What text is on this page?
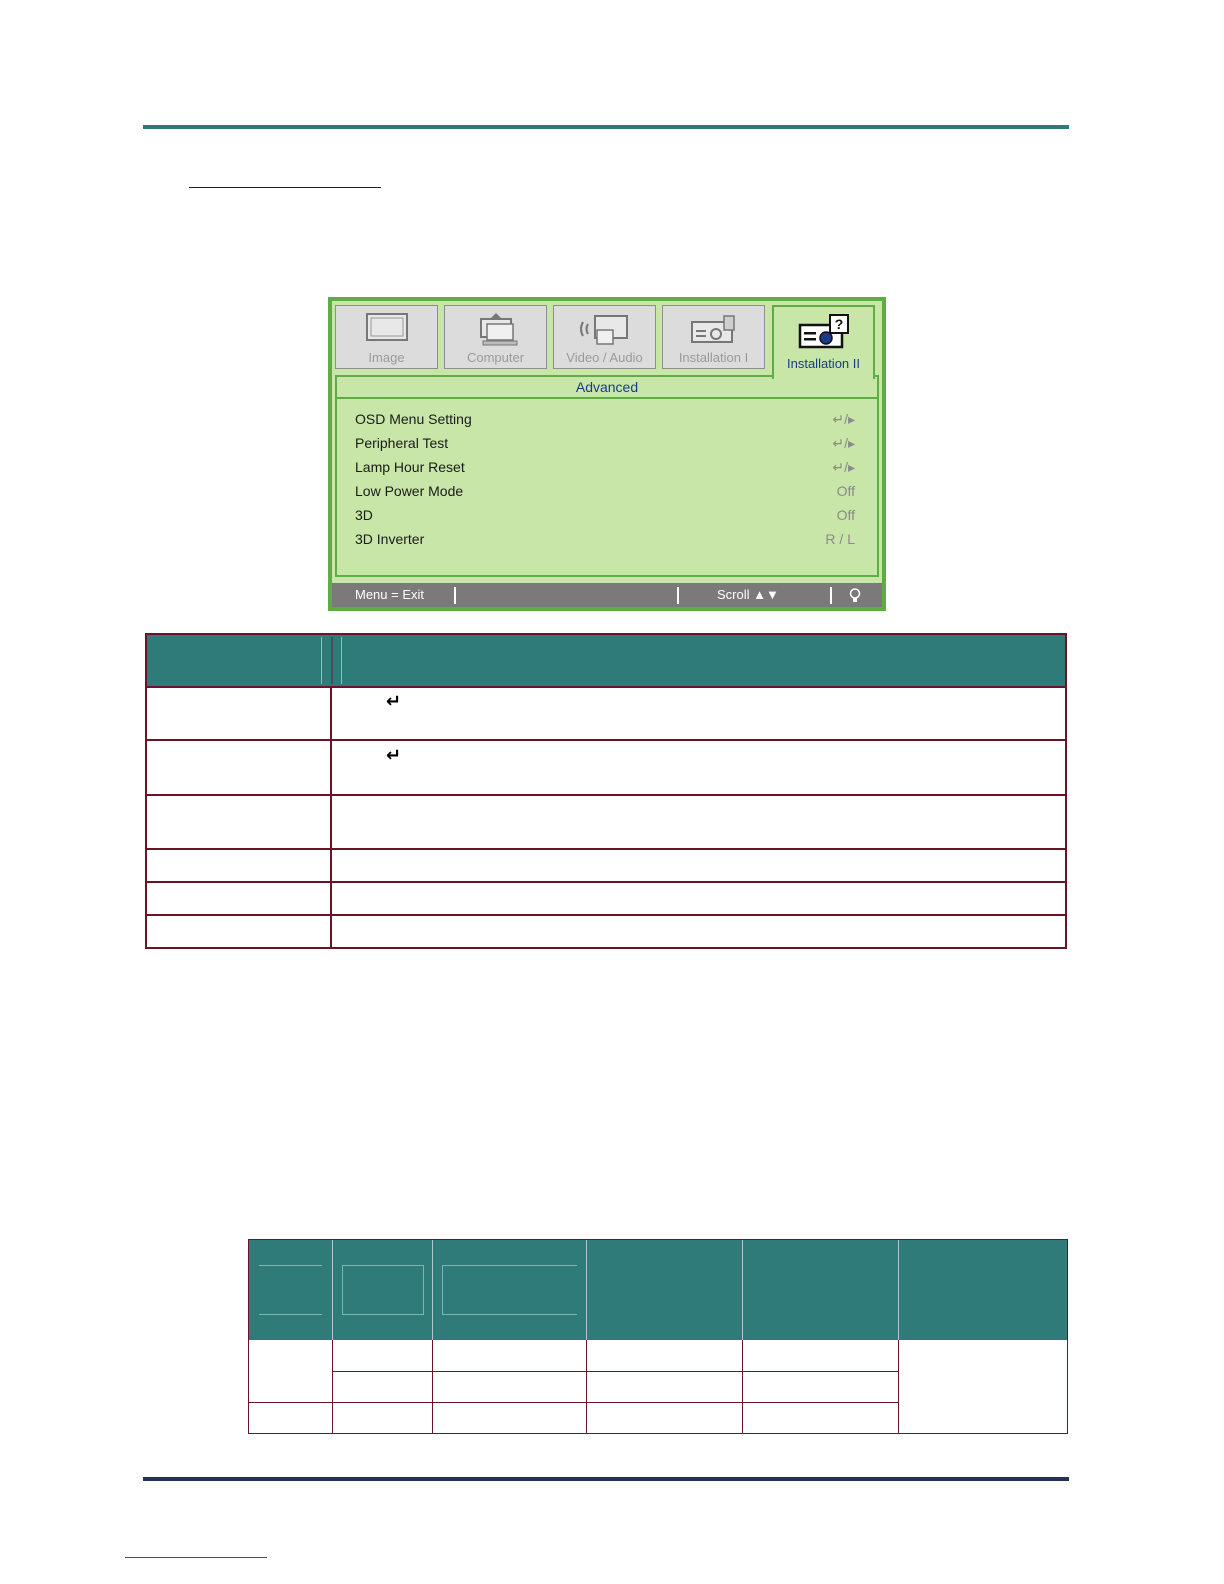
Image	Computer	Video / Audio	Installation I
?
Installation II
Advanced
OSD Menu Setting	↵/▸
Peripheral Test	↵/▸
Lamp Hour Reset	↵/▸
Low Power Mode	Off
3D	Off
3D Inverter	R / L
Menu = Exit	Scroll ▲▼
↵
↵
